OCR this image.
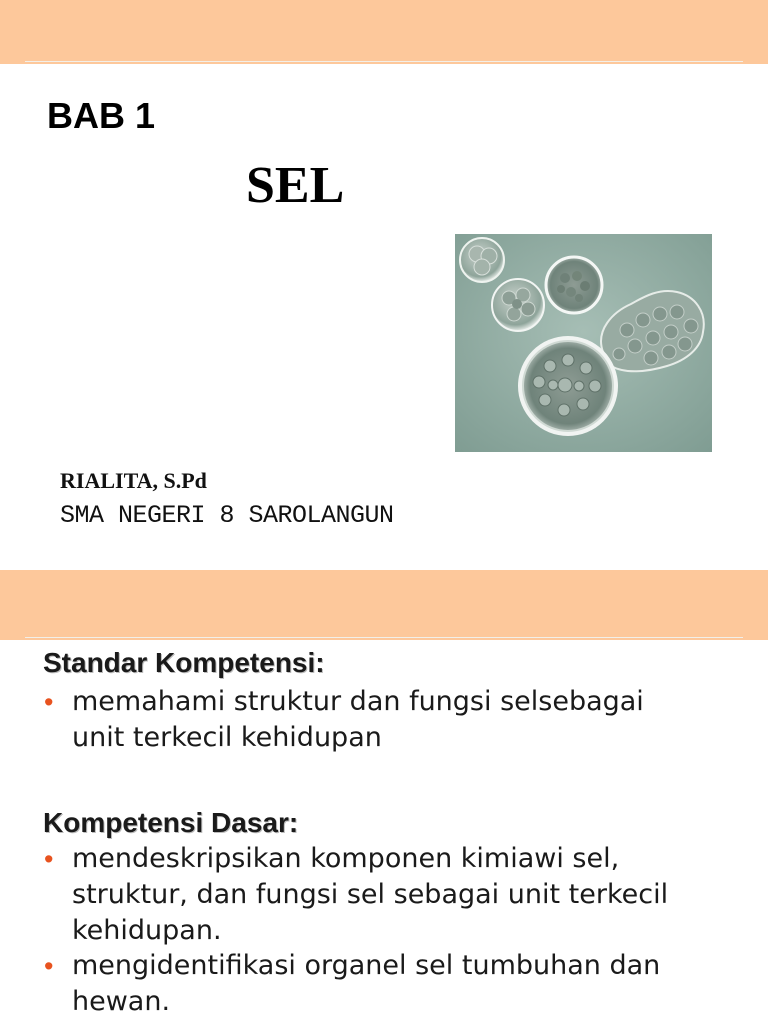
BAB 1
SEL
RIALITA, S.Pd
SMA NEGERI 8 SAROLANGUN
Standar Kompetensi:
• memahami struktur dan fungsi selsebagai
unit terkecil kehidupan
Kompetensi Dasar:
• mendeskripsikan komponen kimiawi sel,
struktur, dan fungsi sel sebagai unit terkecil
kehidupan.
• mengidentifikasi organel sel tumbuhan dan
hewan.
